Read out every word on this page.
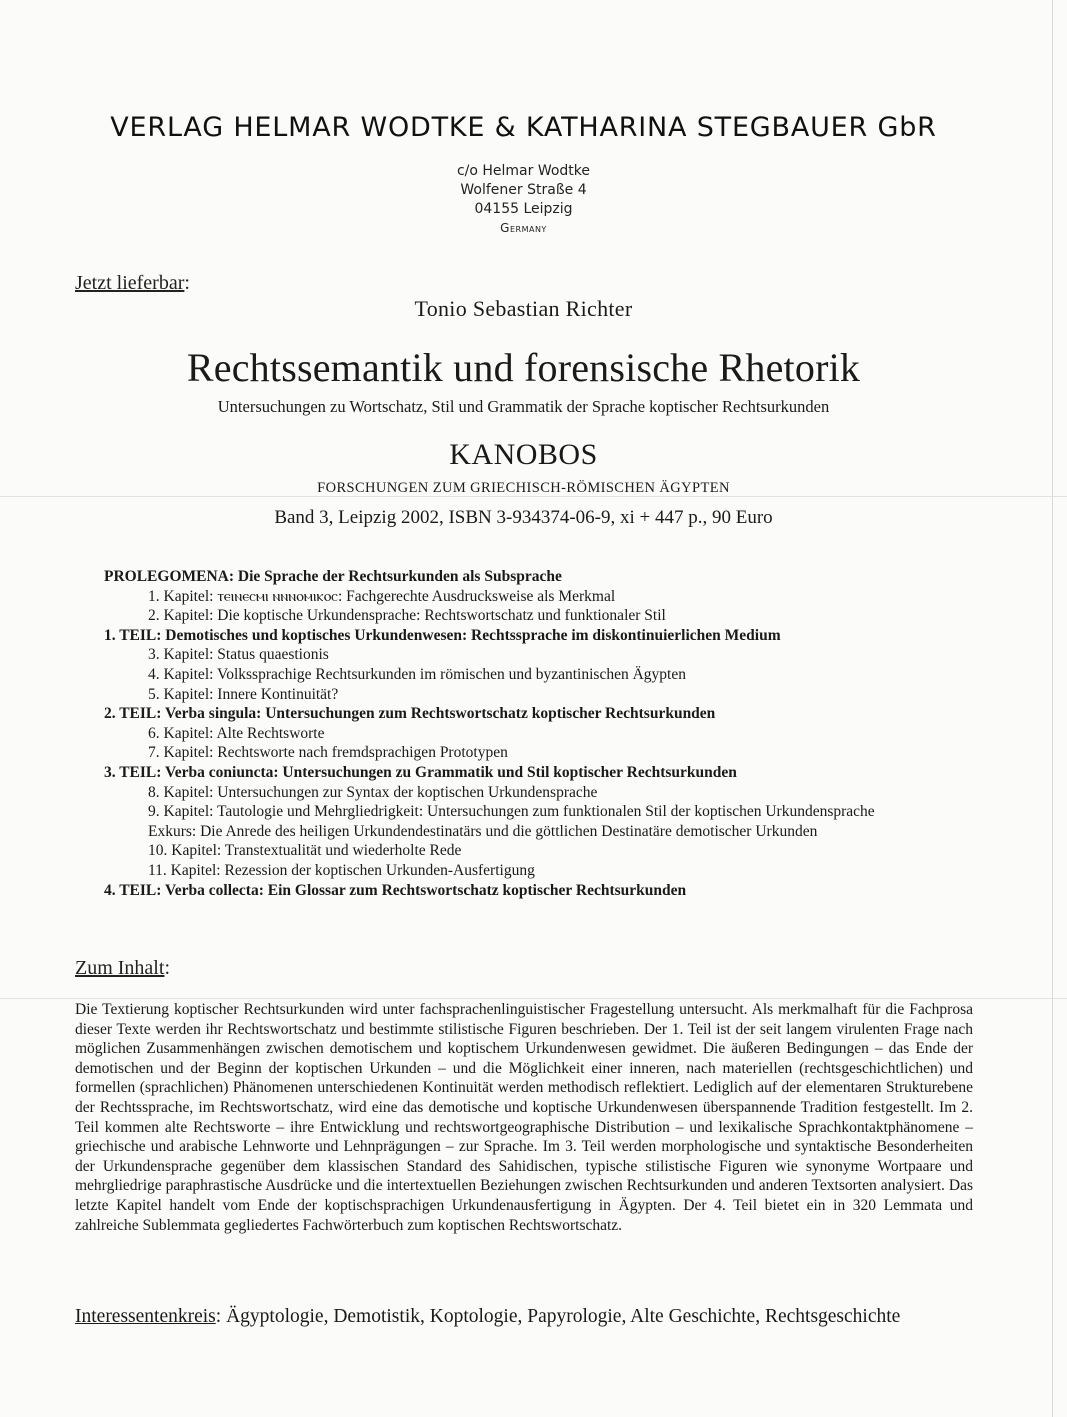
VERLAG HELMAR WODTKE & KATHARINA STEGBAUER GbR
c/o Helmar Wodtke
Wolfener Straße 4
04155 Leipzig
Germany
Jetzt lieferbar:
Tonio Sebastian Richter
Rechtssemantik und forensische Rhetorik
Untersuchungen zu Wortschatz, Stil und Grammatik der Sprache koptischer Rechtsurkunden
KANOBOS
FORSCHUNGEN ZUM GRIECHISCH-RÖMISCHEN ÄGYPTEN
Band 3, Leipzig 2002, ISBN 3-934374-06-9, xi + 447 p., 90 Euro
PROLEGOMENA: Die Sprache der Rechtsurkunden als Subsprache
1. Kapitel: ⲧⲉⲓⲛⲉⲥⲙⲓ ⲛⲛⲛⲟⲙⲓⲕⲟⲥ: Fachgerechte Ausdrucksweise als Merkmal
2. Kapitel: Die koptische Urkundensprache: Rechtswortschatz und funktionaler Stil
1. TEIL: Demotisches und koptisches Urkundenwesen: Rechtssprache im diskontinuierlichen Medium
3. Kapitel: Status quaestionis
4. Kapitel: Volkssprachige Rechtsurkunden im römischen und byzantinischen Ägypten
5. Kapitel: Innere Kontinuität?
2. TEIL: Verba singula: Untersuchungen zum Rechtswortschatz koptischer Rechtsurkunden
6. Kapitel: Alte Rechtsworte
7. Kapitel: Rechtsworte nach fremdsprachigen Prototypen
3. TEIL: Verba coniuncta: Untersuchungen zu Grammatik und Stil koptischer Rechtsurkunden
8. Kapitel: Untersuchungen zur Syntax der koptischen Urkundensprache
9. Kapitel: Tautologie und Mehrgliedrigkeit: Untersuchungen zum funktionalen Stil der koptischen Urkundensprache
Exkurs: Die Anrede des heiligen Urkundendestinatärs und die göttlichen Destinatäre demotischer Urkunden
10. Kapitel: Transtextualität und wiederholte Rede
11. Kapitel: Rezession der koptischen Urkunden-Ausfertigung
4. TEIL: Verba collecta: Ein Glossar zum Rechtswortschatz koptischer Rechtsurkunden
Zum Inhalt:
Die Textierung koptischer Rechtsurkunden wird unter fachsprachenlinguistischer Fragestellung untersucht. Als merkmalhaft für die Fachprosa dieser Texte werden ihr Rechtswortschatz und bestimmte stilistische Figuren beschrieben. Der 1. Teil ist der seit langem virulenten Frage nach möglichen Zusammenhängen zwischen demotischem und koptischem Urkundenwesen gewidmet. Die äußeren Bedingungen – das Ende der demotischen und der Beginn der koptischen Urkunden – und die Möglichkeit einer inneren, nach materiellen (rechtsgeschichtlichen) und formellen (sprachlichen) Phänomenen unterschiedenen Kontinuität werden methodisch reflektiert. Lediglich auf der elementaren Strukturebene der Rechtssprache, im Rechtswortschatz, wird eine das demotische und koptische Urkundenwesen überspannende Tradition festgestellt. Im 2. Teil kommen alte Rechtsworte – ihre Entwicklung und rechtswortgeographische Distribution – und lexikalische Sprachkontaktphänomene – griechische und arabische Lehnworte und Lehnprägungen – zur Sprache. Im 3. Teil werden morphologische und syntaktische Besonderheiten der Urkundensprache gegenüber dem klassischen Standard des Sahidischen, typische stilistische Figuren wie synonyme Wortpaare und mehrgliedrige paraphrastische Ausdrücke und die intertextuellen Beziehungen zwischen Rechtsurkunden und anderen Textsorten analysiert. Das letzte Kapitel handelt vom Ende der koptischsprachigen Urkundenausfertigung in Ägypten. Der 4. Teil bietet ein in 320 Lemmata und zahlreiche Sublemmata gegliedertes Fachwörterbuch zum koptischen Rechtswortschatz.
Interessentenkreis: Ägyptologie, Demotistik, Koptologie, Papyrologie, Alte Geschichte, Rechtsgeschichte
